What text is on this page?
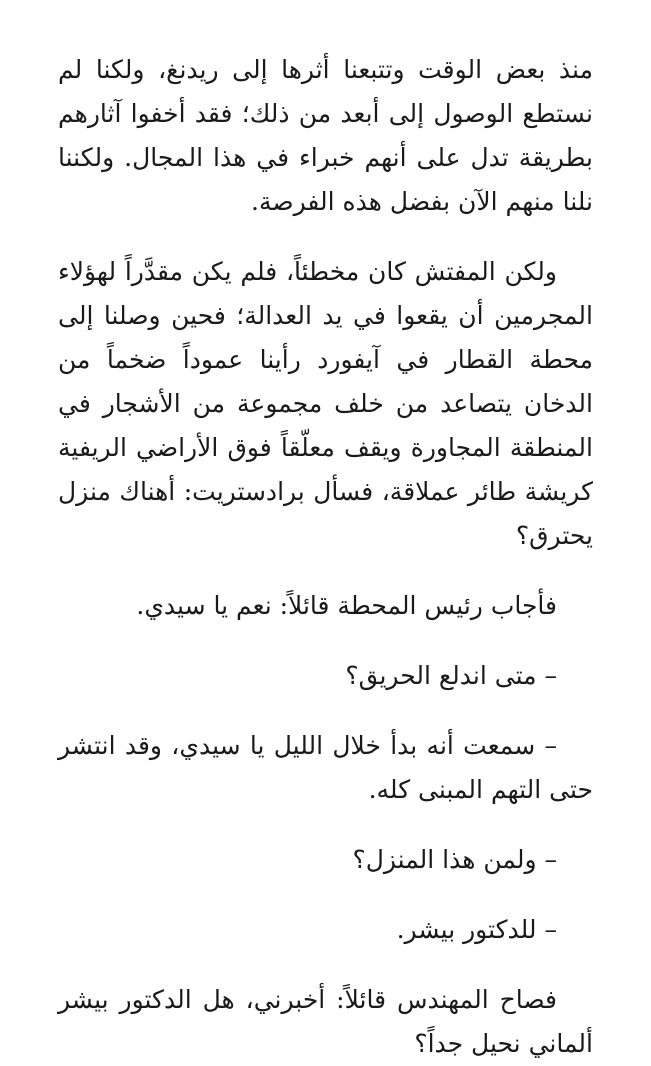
منذ بعض الوقت وتتبعنا أثرها إلى ريدنغ، ولكنا لم نستطع الوصول إلى أبعد من ذلك؛ فقد أخفوا آثارهم بطريقة تدل على أنهم خبراء في هذا المجال. ولكننا نلنا منهم الآن بفضل هذه الفرصة.

ولكن المفتش كان مخطئاً، فلم يكن مقدَّراً لهؤلاء المجرمين أن يقعوا في يد العدالة؛ فحين وصلنا إلى محطة القطار في آيفورد رأينا عموداً ضخماً من الدخان يتصاعد من خلف مجموعة من الأشجار في المنطقة المجاورة ويقف معلّقاً فوق الأراضي الريفية كريشة طائر عملاقة، فسأل برادستريت: أهناك منزل يحترق؟

فأجاب رئيس المحطة قائلاً: نعم يا سيدي.

– متى اندلع الحريق؟

– سمعت أنه بدأ خلال الليل يا سيدي، وقد انتشر حتى التهم المبنى كله.

– ولمن هذا المنزل؟

– للدكتور بيشر.

فصاح المهندس قائلاً: أخبرني، هل الدكتور بيشر ألماني نحيل جداً؟
